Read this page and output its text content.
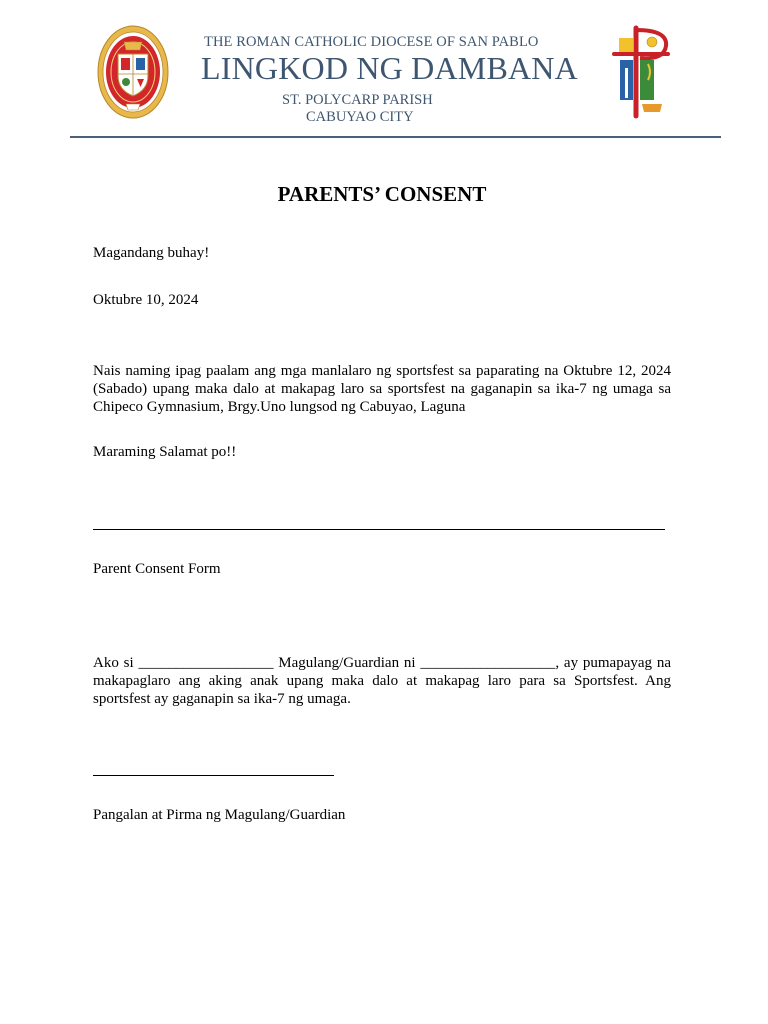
THE ROMAN CATHOLIC DIOCESE OF SAN PABLO
LINGKOD NG DAMBANA
ST. POLYCARP PARISH
CABUYAO CITY
PARENTS’ CONSENT
Magandang buhay!
Oktubre 10, 2024
Nais naming ipag paalam ang mga manlalaro ng sportsfest sa paparating na Oktubre 12, 2024
(Sabado) upang maka dalo at makapag laro sa sportsfest na gaganapin sa ika-7 ng umaga sa
Chipeco Gymnasium, Brgy.Uno lungsod ng Cabuyao, Laguna
Maraming Salamat po!!
Parent Consent Form
Ako si __________________ Magulang/Guardian ni __________________, ay pumapayag na
makapaglaro ang aking anak upang maka dalo at makapag laro para sa Sportsfest. Ang
sportsfest ay gaganapin sa ika-7 ng umaga.
Pangalan at Pirma ng Magulang/Guardian
